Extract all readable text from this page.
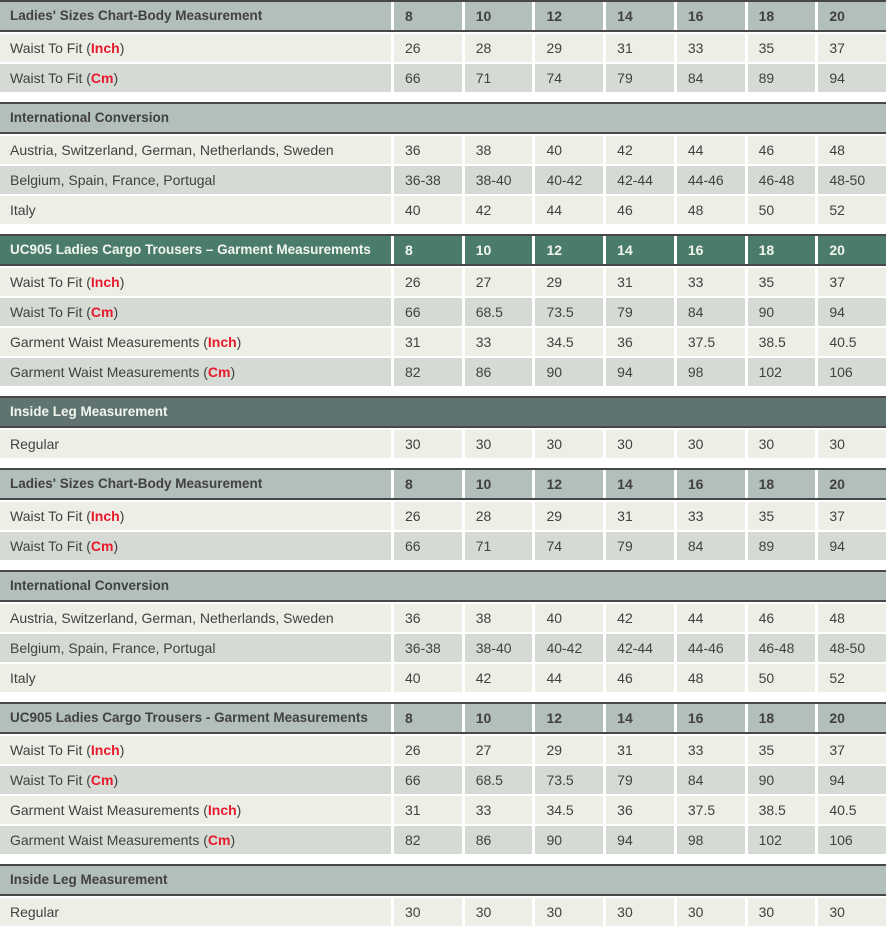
Ladies' Sizes Chart-Body Measurement	8	10	12	14	16	18	20
Waist To Fit (Inch)	26	28	29	31	33	35	37
Waist To Fit (Cm)	66	71	74	79	84	89	94
International Conversion
Austria, Switzerland, German, Netherlands, Sweden	36	38	40	42	44	46	48
Belgium, Spain, France, Portugal	36-38	38-40	40-42	42-44	44-46	46-48	48-50
Italy	40	42	44	46	48	50	52
UC905 Ladies Cargo Trousers – Garment Measurements	8	10	12	14	16	18	20
Waist To Fit (Inch)	26	27	29	31	33	35	37
Waist To Fit (Cm)	66	68.5	73.5	79	84	90	94
Garment Waist Measurements (Inch)	31	33	34.5	36	37.5	38.5	40.5
Garment Waist Measurements (Cm)	82	86	90	94	98	102	106
Inside Leg Measurement
Regular	30	30	30	30	30	30	30
Ladies' Sizes Chart-Body Measurement	8	10	12	14	16	18	20
Waist To Fit (Inch)	26	28	29	31	33	35	37
Waist To Fit (Cm)	66	71	74	79	84	89	94
International Conversion
Austria, Switzerland, German, Netherlands, Sweden	36	38	40	42	44	46	48
Belgium, Spain, France, Portugal	36-38	38-40	40-42	42-44	44-46	46-48	48-50
Italy	40	42	44	46	48	50	52
UC905 Ladies Cargo Trousers - Garment Measurements	8	10	12	14	16	18	20
Waist To Fit (Inch)	26	27	29	31	33	35	37
Waist To Fit (Cm)	66	68.5	73.5	79	84	90	94
Garment Waist Measurements (Inch)	31	33	34.5	36	37.5	38.5	40.5
Garment Waist Measurements (Cm)	82	86	90	94	98	102	106
Inside Leg Measurement
Regular	30	30	30	30	30	30	30
